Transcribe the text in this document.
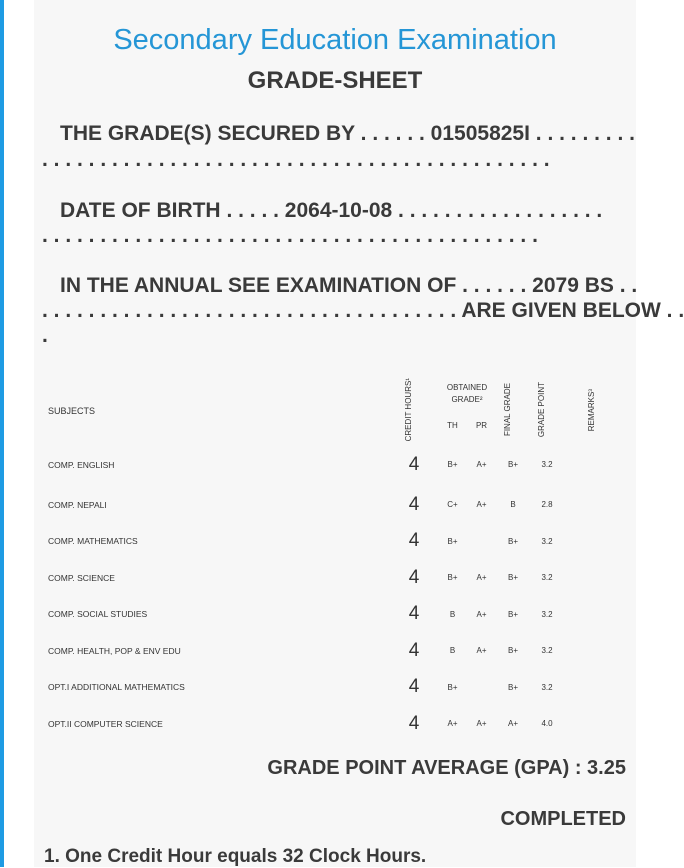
Secondary Education Examination
GRADE-SHEET
THE GRADE(S) SECURED BY . . . . . . 01505825I . . . . . . . . .
. . . . . . . . . . . . . . . . . . . . . . . . . . . . . . . . . . . . . . . . . . . .
DATE OF BIRTH . . . . . 2064-10-08 . . . . . . . . . . . . . . . . . .
. . . . . . . . . . . . . . . . . . . . . . . . . . . . . . . . . . . . . . . . . . .
IN THE ANNUAL SEE EXAMINATION OF . . . . . . 2079 BS . .
. . . . . . . . . . . . . . . . . . . . . . . . . . . . . . . . . . . . ARE GIVEN BELOW . .
.
SUBJECTS	CREDIT HOURS¹	OBTAINED GRADE²		FINAL GRADE	GRADE POINT	REMARKS³	
		TH	PR				
COMP. ENGLISH	4	B+	A+	B+	3.2		
COMP. NEPALI	4	C+	A+	B	2.8		
COMP. MATHEMATICS	4	B+		B+	3.2		
COMP. SCIENCE	4	B+	A+	B+	3.2		
COMP. SOCIAL STUDIES	4	B	A+	B+	3.2		
COMP. HEALTH, POP & ENV EDU	4	B	A+	B+	3.2		
OPT.I ADDITIONAL MATHEMATICS	4	B+		B+	3.2		
OPT.II COMPUTER SCIENCE	4	A+	A+	A+	4.0		
GRADE POINT AVERAGE (GPA) : 3.25
COMPLETED
1. One Credit Hour equals 32 Clock Hours.
